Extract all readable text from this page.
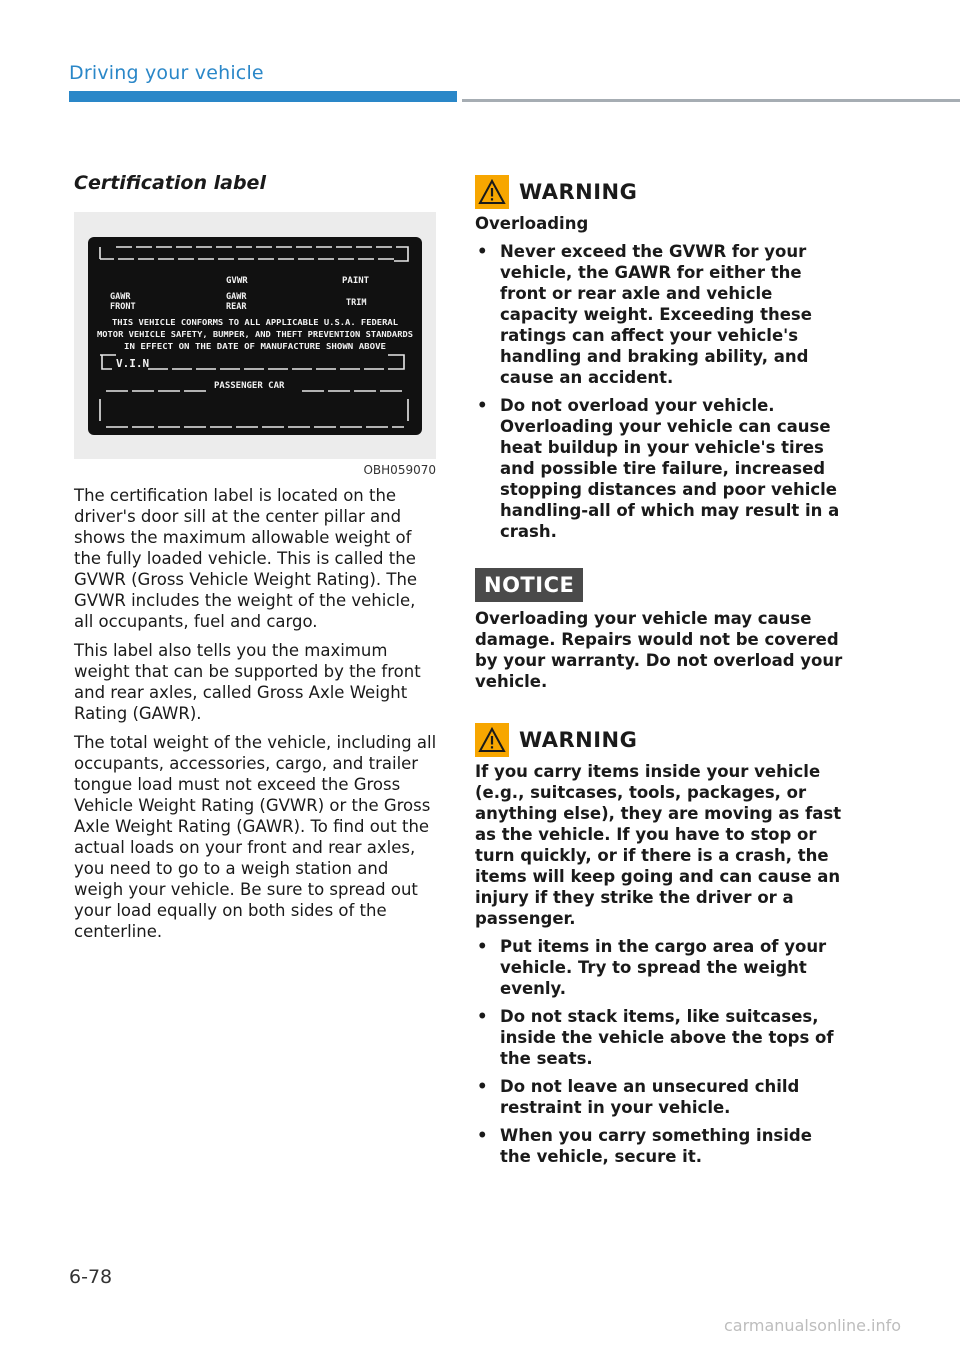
Driving your vehicle
Certification label
GVWR	PAINT
GAWR	GAWR
FRONT	REAR	TRIM
THIS VEHICLE CONFORMS TO ALL APPLICABLE U.S.A. FEDERAL
MOTOR VEHICLE SAFETY, BUMPER, AND THEFT PREVENTION STANDARDS
IN EFFECT ON THE DATE OF MANUFACTURE SHOWN ABOVE
V.I.N
PASSENGER CAR
OBH059070

The certification label is located on the driver's door sill at the center pillar and shows the maximum allowable weight of the fully loaded vehicle. This is called the GVWR (Gross Vehicle Weight Rating). The GVWR includes the weight of the vehicle, all occupants, fuel and cargo.

This label also tells you the maximum weight that can be supported by the front and rear axles, called Gross Axle Weight Rating (GAWR).

The total weight of the vehicle, including all occupants, accessories, cargo, and trailer tongue load must not exceed the Gross Vehicle Weight Rating (GVWR) or the Gross Axle Weight Rating (GAWR). To find out the actual loads on your front and rear axles, you need to go to a weigh station and weigh your vehicle. Be sure to spread out your load equally on both sides of the centerline.

WARNING

Overloading

• Never exceed the GVWR for your vehicle, the GAWR for either the front or rear axle and vehicle capacity weight. Exceeding these ratings can affect your vehicle's handling and braking ability, and cause an accident.
• Do not overload your vehicle. Overloading your vehicle can cause heat buildup in your vehicle's tires and possible tire failure, increased stopping distances and poor vehicle handling-all of which may result in a crash.
NOTICE

Overloading your vehicle may cause damage. Repairs would not be covered by your warranty. Do not overload your vehicle.

WARNING

If you carry items inside your vehicle (e.g., suitcases, tools, packages, or anything else), they are moving as fast as the vehicle. If you have to stop or turn quickly, or if there is a crash, the items will keep going and can cause an injury if they strike the driver or a passenger.

• Put items in the cargo area of your vehicle. Try to spread the weight evenly.
• Do not stack items, like suitcases, inside the vehicle above the tops of the seats.
• Do not leave an unsecured child restraint in your vehicle.
• When you carry something inside the vehicle, secure it.
6-78
carmanualsonline.info
